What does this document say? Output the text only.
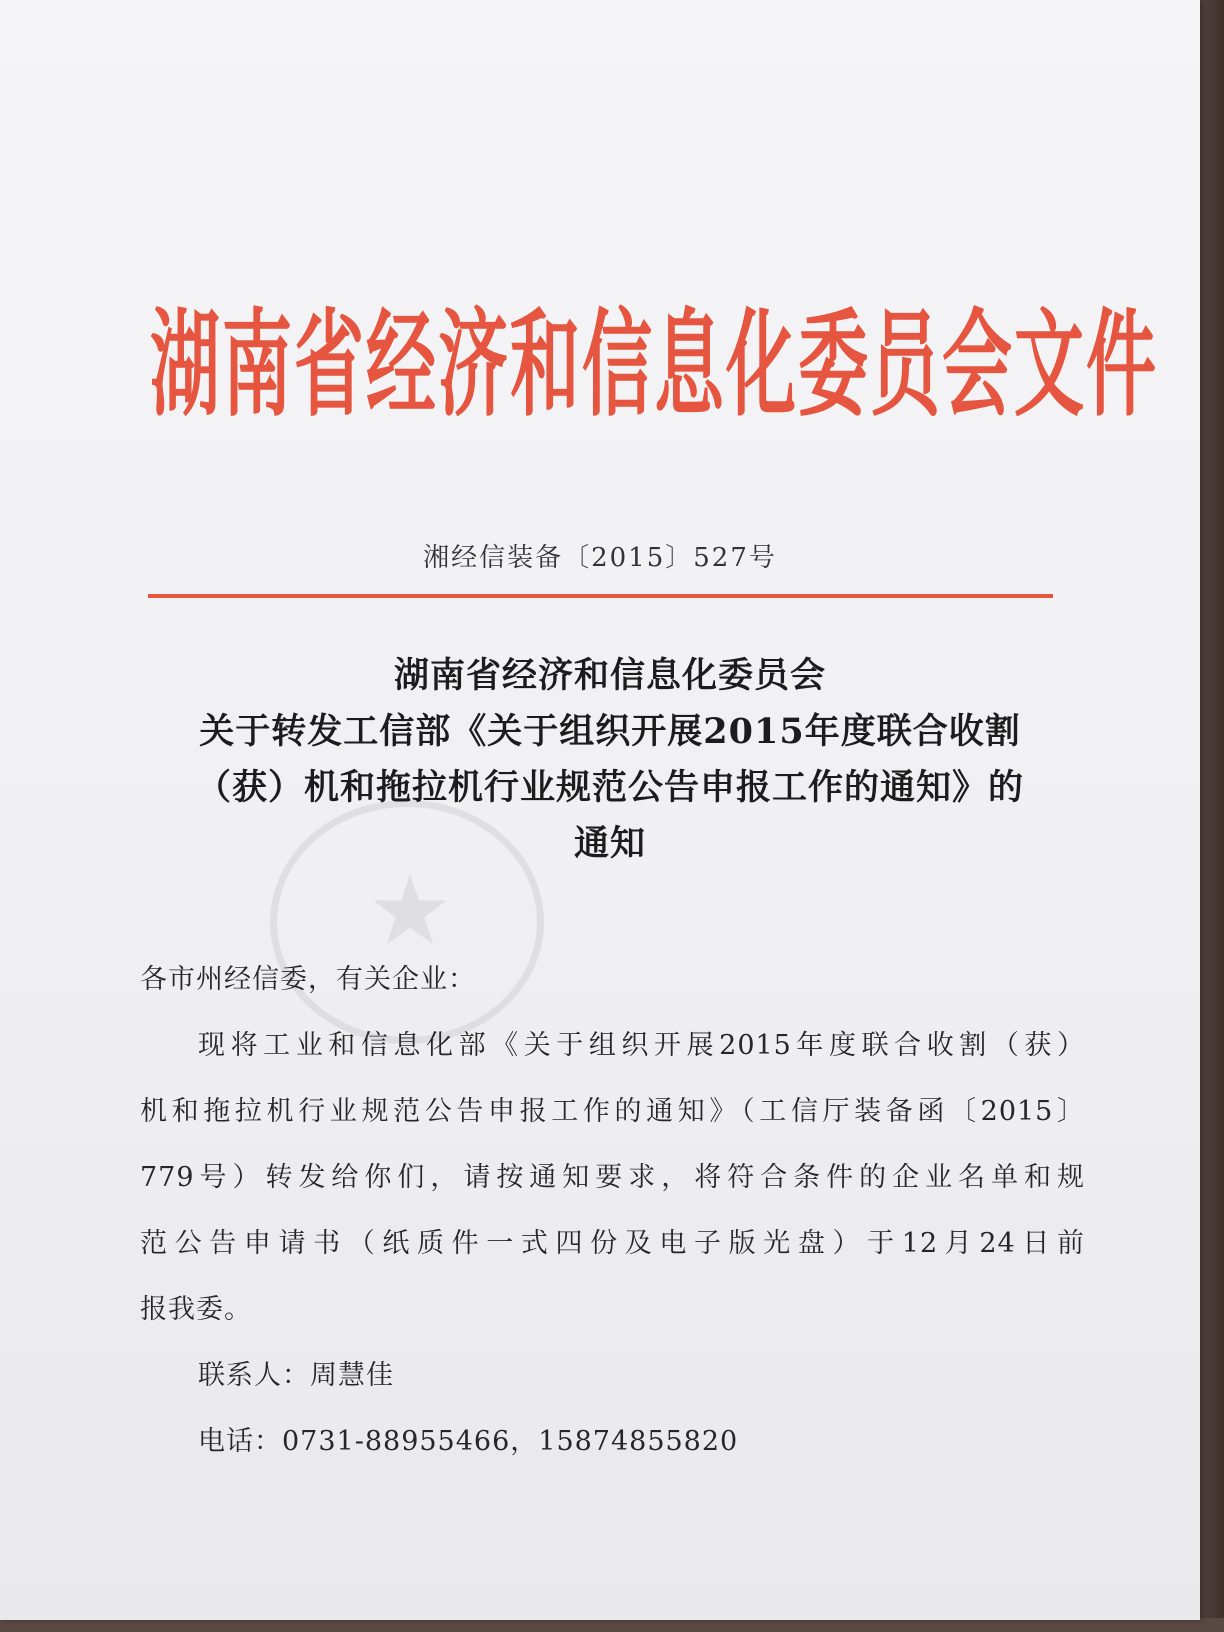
湖南省经济和信息化委员会文件
湘经信装备〔2015〕527号
湖南省经济和信息化委员会
关于转发工信部《关于组织开展2015年度联合收割
（获）机和拖拉机行业规范公告申报工作的通知》的
通知
各市州经信委，有关企业：
现将工业和信息化部《关于组织开展2015年度联合收割（获）
机和拖拉机行业规范公告申报工作的通知》（工信厅装备函〔2015〕
779号）转发给你们，请按通知要求，将符合条件的企业名单和规
范公告申请书（纸质件一式四份及电子版光盘）于12月24日前
报我委。
联系人：周慧佳
电话：0731-88955466，15874855820
